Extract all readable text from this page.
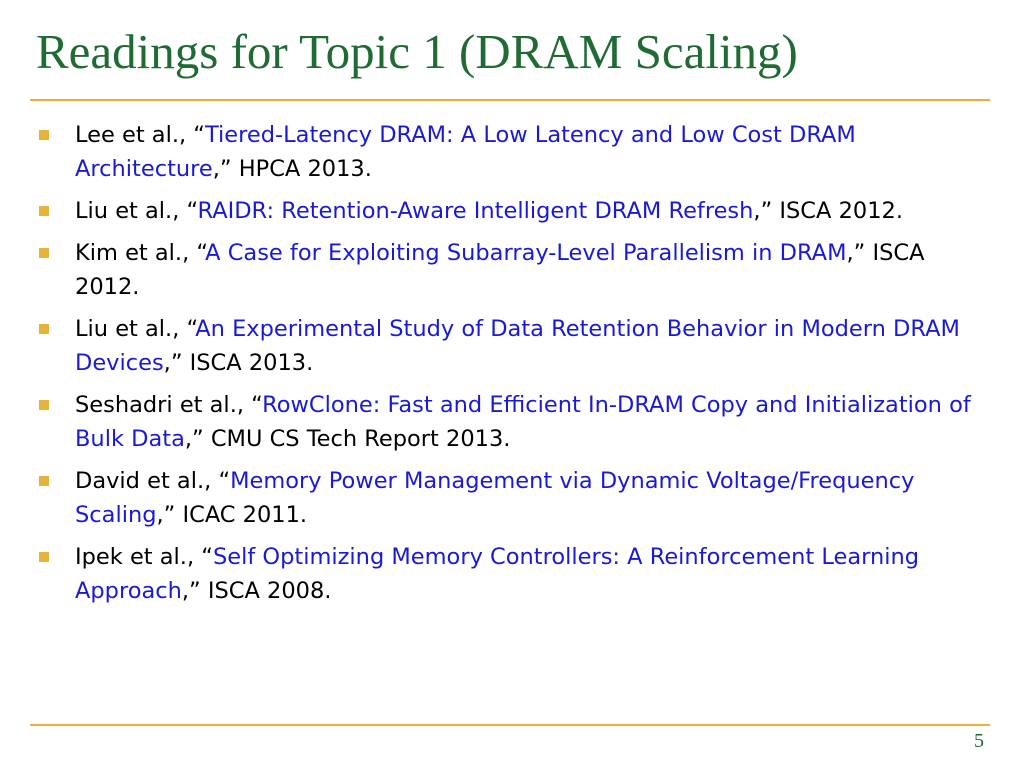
Readings for Topic 1 (DRAM Scaling)
Lee et al., “Tiered-Latency DRAM: A Low Latency and Low Cost DRAM Architecture,” HPCA 2013.
Liu et al., “RAIDR: Retention-Aware Intelligent DRAM Refresh,” ISCA 2012.
Kim et al., “A Case for Exploiting Subarray-Level Parallelism in DRAM,” ISCA 2012.
Liu et al., “An Experimental Study of Data Retention Behavior in Modern DRAM Devices,” ISCA 2013.
Seshadri et al., “RowClone: Fast and Efficient In-DRAM Copy and Initialization of Bulk Data,” CMU CS Tech Report 2013.
David et al., “Memory Power Management via Dynamic Voltage/Frequency Scaling,” ICAC 2011.
Ipek et al., “Self Optimizing Memory Controllers: A Reinforcement Learning Approach,” ISCA 2008.
5
